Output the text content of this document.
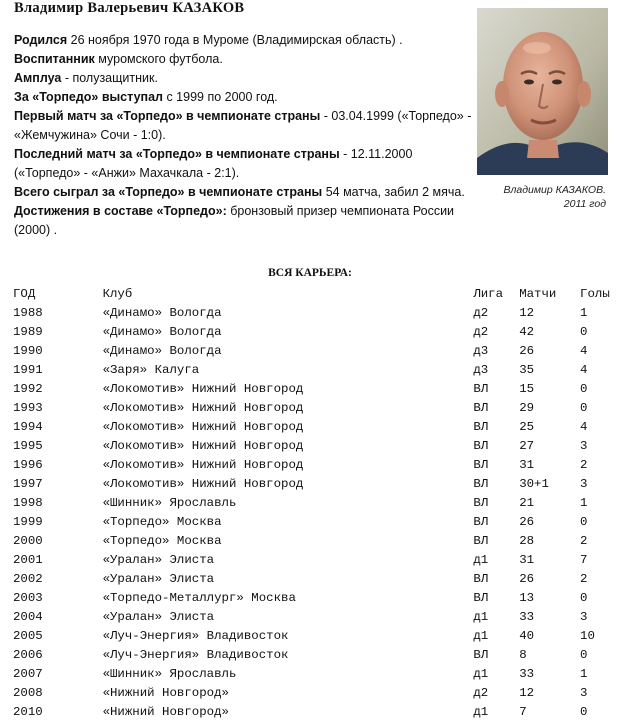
Владимир Валерьевич КАЗАКОВ

Родился 26 ноября 1970 года в Муроме (Владимирская область) .

Воспитанник муромского футбола.

Амплуа - полузащитник.

За «Торпедо» выступал с 1999 по 2000 год.

Первый матч за «Торпедо» в чемпионате страны - 03.04.1999 («Торпедо» - «Жемчужина» Сочи - 1:0).

Последний матч за «Торпедо» в чемпионате страны - 12.11.2000 («Торпедо» - «Анжи» Махачкала - 2:1).

Всего сыграл за «Торпедо» в чемпионате страны 54 матча, забил 2 мяча.

Достижения в составе «Торпедо»: бронзовый призер чемпионата России (2000) .

Владимир КАЗАКОВ.
2011 год
ВСЯ КАРЬЕРА:
ГОД	Клуб	Лига	Матчи	Голы
1988	«Динамо» Вологда	д2	12	1
1989	«Динамо» Вологда	д2	42	0
1990	«Динамо» Вологда	д3	26	4
1991	«Заря» Калуга	д3	35	4
1992	«Локомотив» Нижний Новгород	ВЛ	15	0
1993	«Локомотив» Нижний Новгород	ВЛ	29	0
1994	«Локомотив» Нижний Новгород	ВЛ	25	4
1995	«Локомотив» Нижний Новгород	ВЛ	27	3
1996	«Локомотив» Нижний Новгород	ВЛ	31	2
1997	«Локомотив» Нижний Новгород	ВЛ	30+1	3
1998	«Шинник» Ярославль	ВЛ	21	1
1999	«Торпедо» Москва	ВЛ	26	0
2000	«Торпедо» Москва	ВЛ	28	2
2001	«Уралан» Элиста	д1	31	7
2002	«Уралан» Элиста	ВЛ	26	2
2003	«Торпедо-Металлург» Москва	ВЛ	13	0
2004	«Уралан» Элиста	д1	33	3
2005	«Луч-Энергия» Владивосток	д1	40	10
2006	«Луч-Энергия» Владивосток	ВЛ	8	0
2007	«Шинник» Ярославль	д1	33	1
2008	«Нижний Новгород»	д2	12	3
2010	«Нижний Новгород»	д1	7	0
